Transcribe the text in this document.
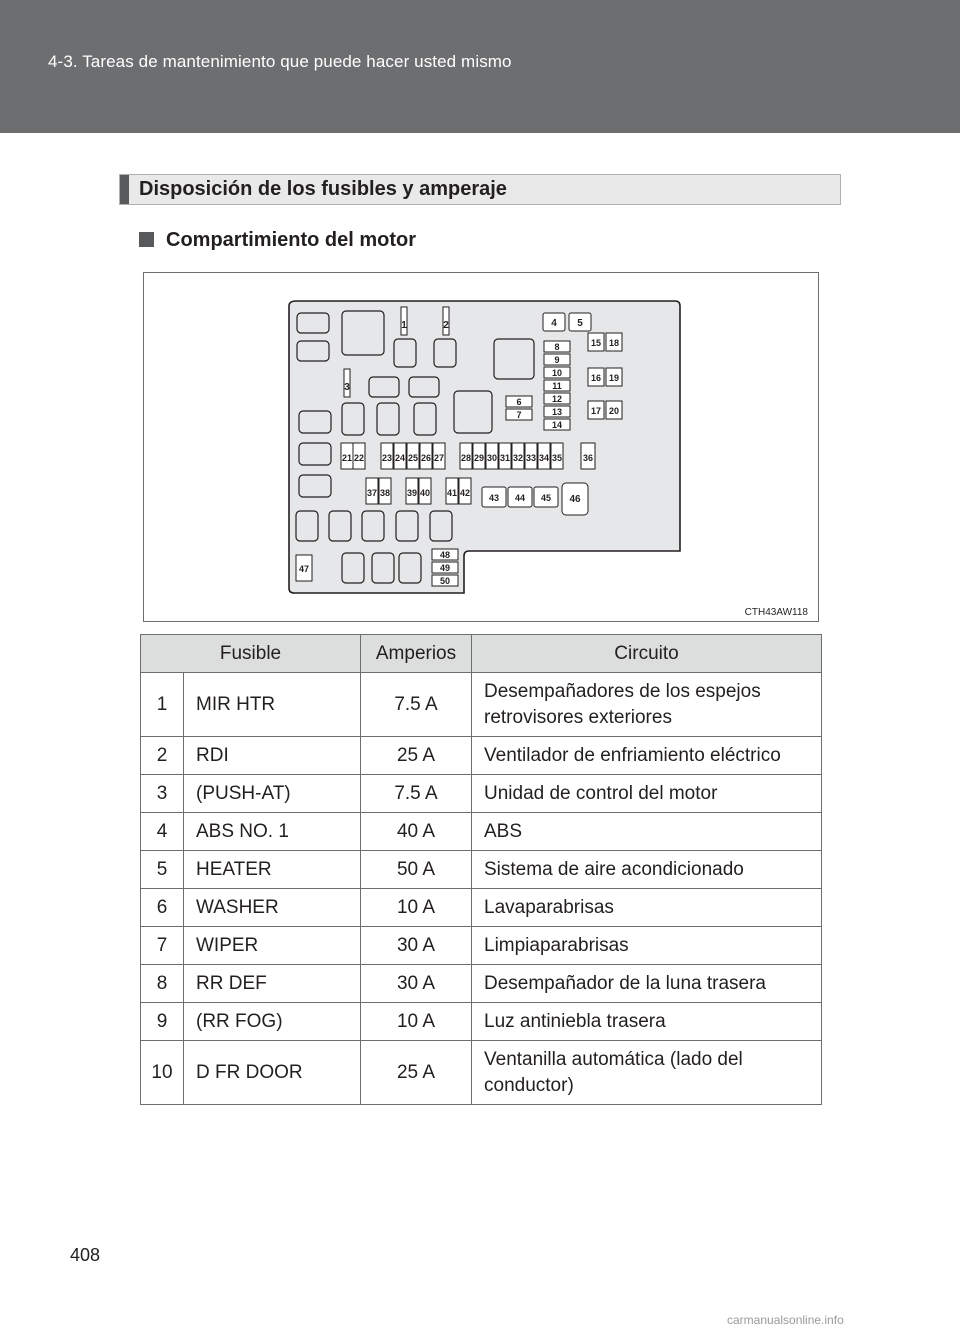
4-3. Tareas de mantenimiento que puede hacer usted mismo
Disposición de los fusibles y amperaje
Compartimiento del motor
1	2
3
4 5
8
9
10
11
12
13
14
6
7
15 18
16 19
17 20
21 22 23 24 25 26 27 28 29 30 31 32 33 34 35 36
37 38 39 40 41 42 43 44 45 46
47
48
49
50
CTH43AW118
Fusible		Amperios	Circuito
1	MIR HTR	7.5 A	Desempañadores de los espejos retrovisores exteriores
2	RDI	25 A	Ventilador de enfriamiento eléctrico
3	(PUSH-AT)	7.5 A	Unidad de control del motor
4	ABS NO. 1	40 A	ABS
5	HEATER	50 A	Sistema de aire acondicionado
6	WASHER	10 A	Lavaparabrisas
7	WIPER	30 A	Limpiaparabrisas
8	RR DEF	30 A	Desempañador de la luna trasera
9	(RR FOG)	10 A	Luz antiniebla trasera
10	D FR DOOR	25 A	Ventanilla automática (lado del conductor)
408
carmanualsonline.info
